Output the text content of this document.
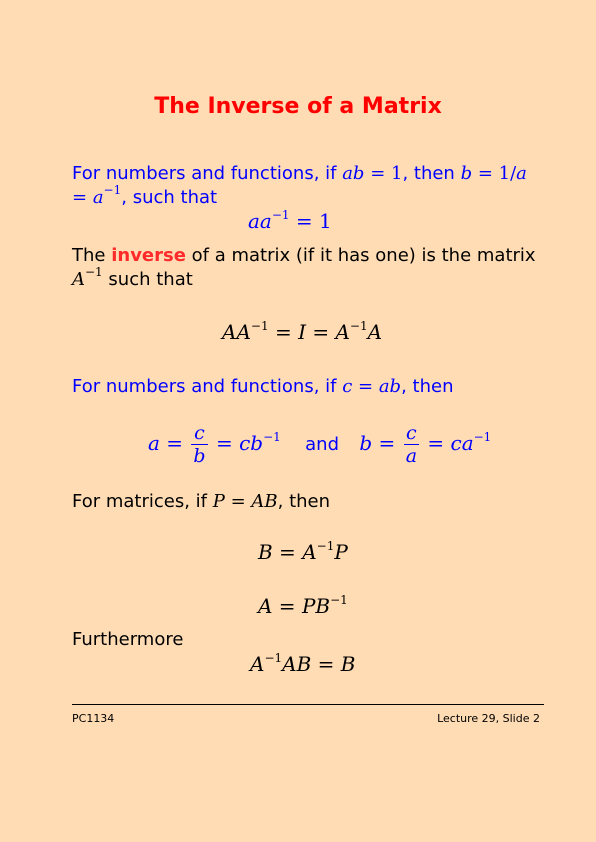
The Inverse of a Matrix
For numbers and functions, if ab = 1, then b = 1/a
= $a^{-1}$, such that
$aa^{-1} = 1$
The inverse of a matrix (if it has one) is the matrix
$A^{-1}$ such that
$AA^{-1} = I = A^{-1}A$
For numbers and functions, if c = ab, then
$a = \frac{c}{b} = cb^{-1}$ and $b = \frac{c}{a} = ca^{-1}$
For matrices, if P = AB, then
$B = A^{-1}P$
$A = PB^{-1}$
Furthermore
$A^{-1}AB = B$
PC1134	Lecture 29, Slide 2
